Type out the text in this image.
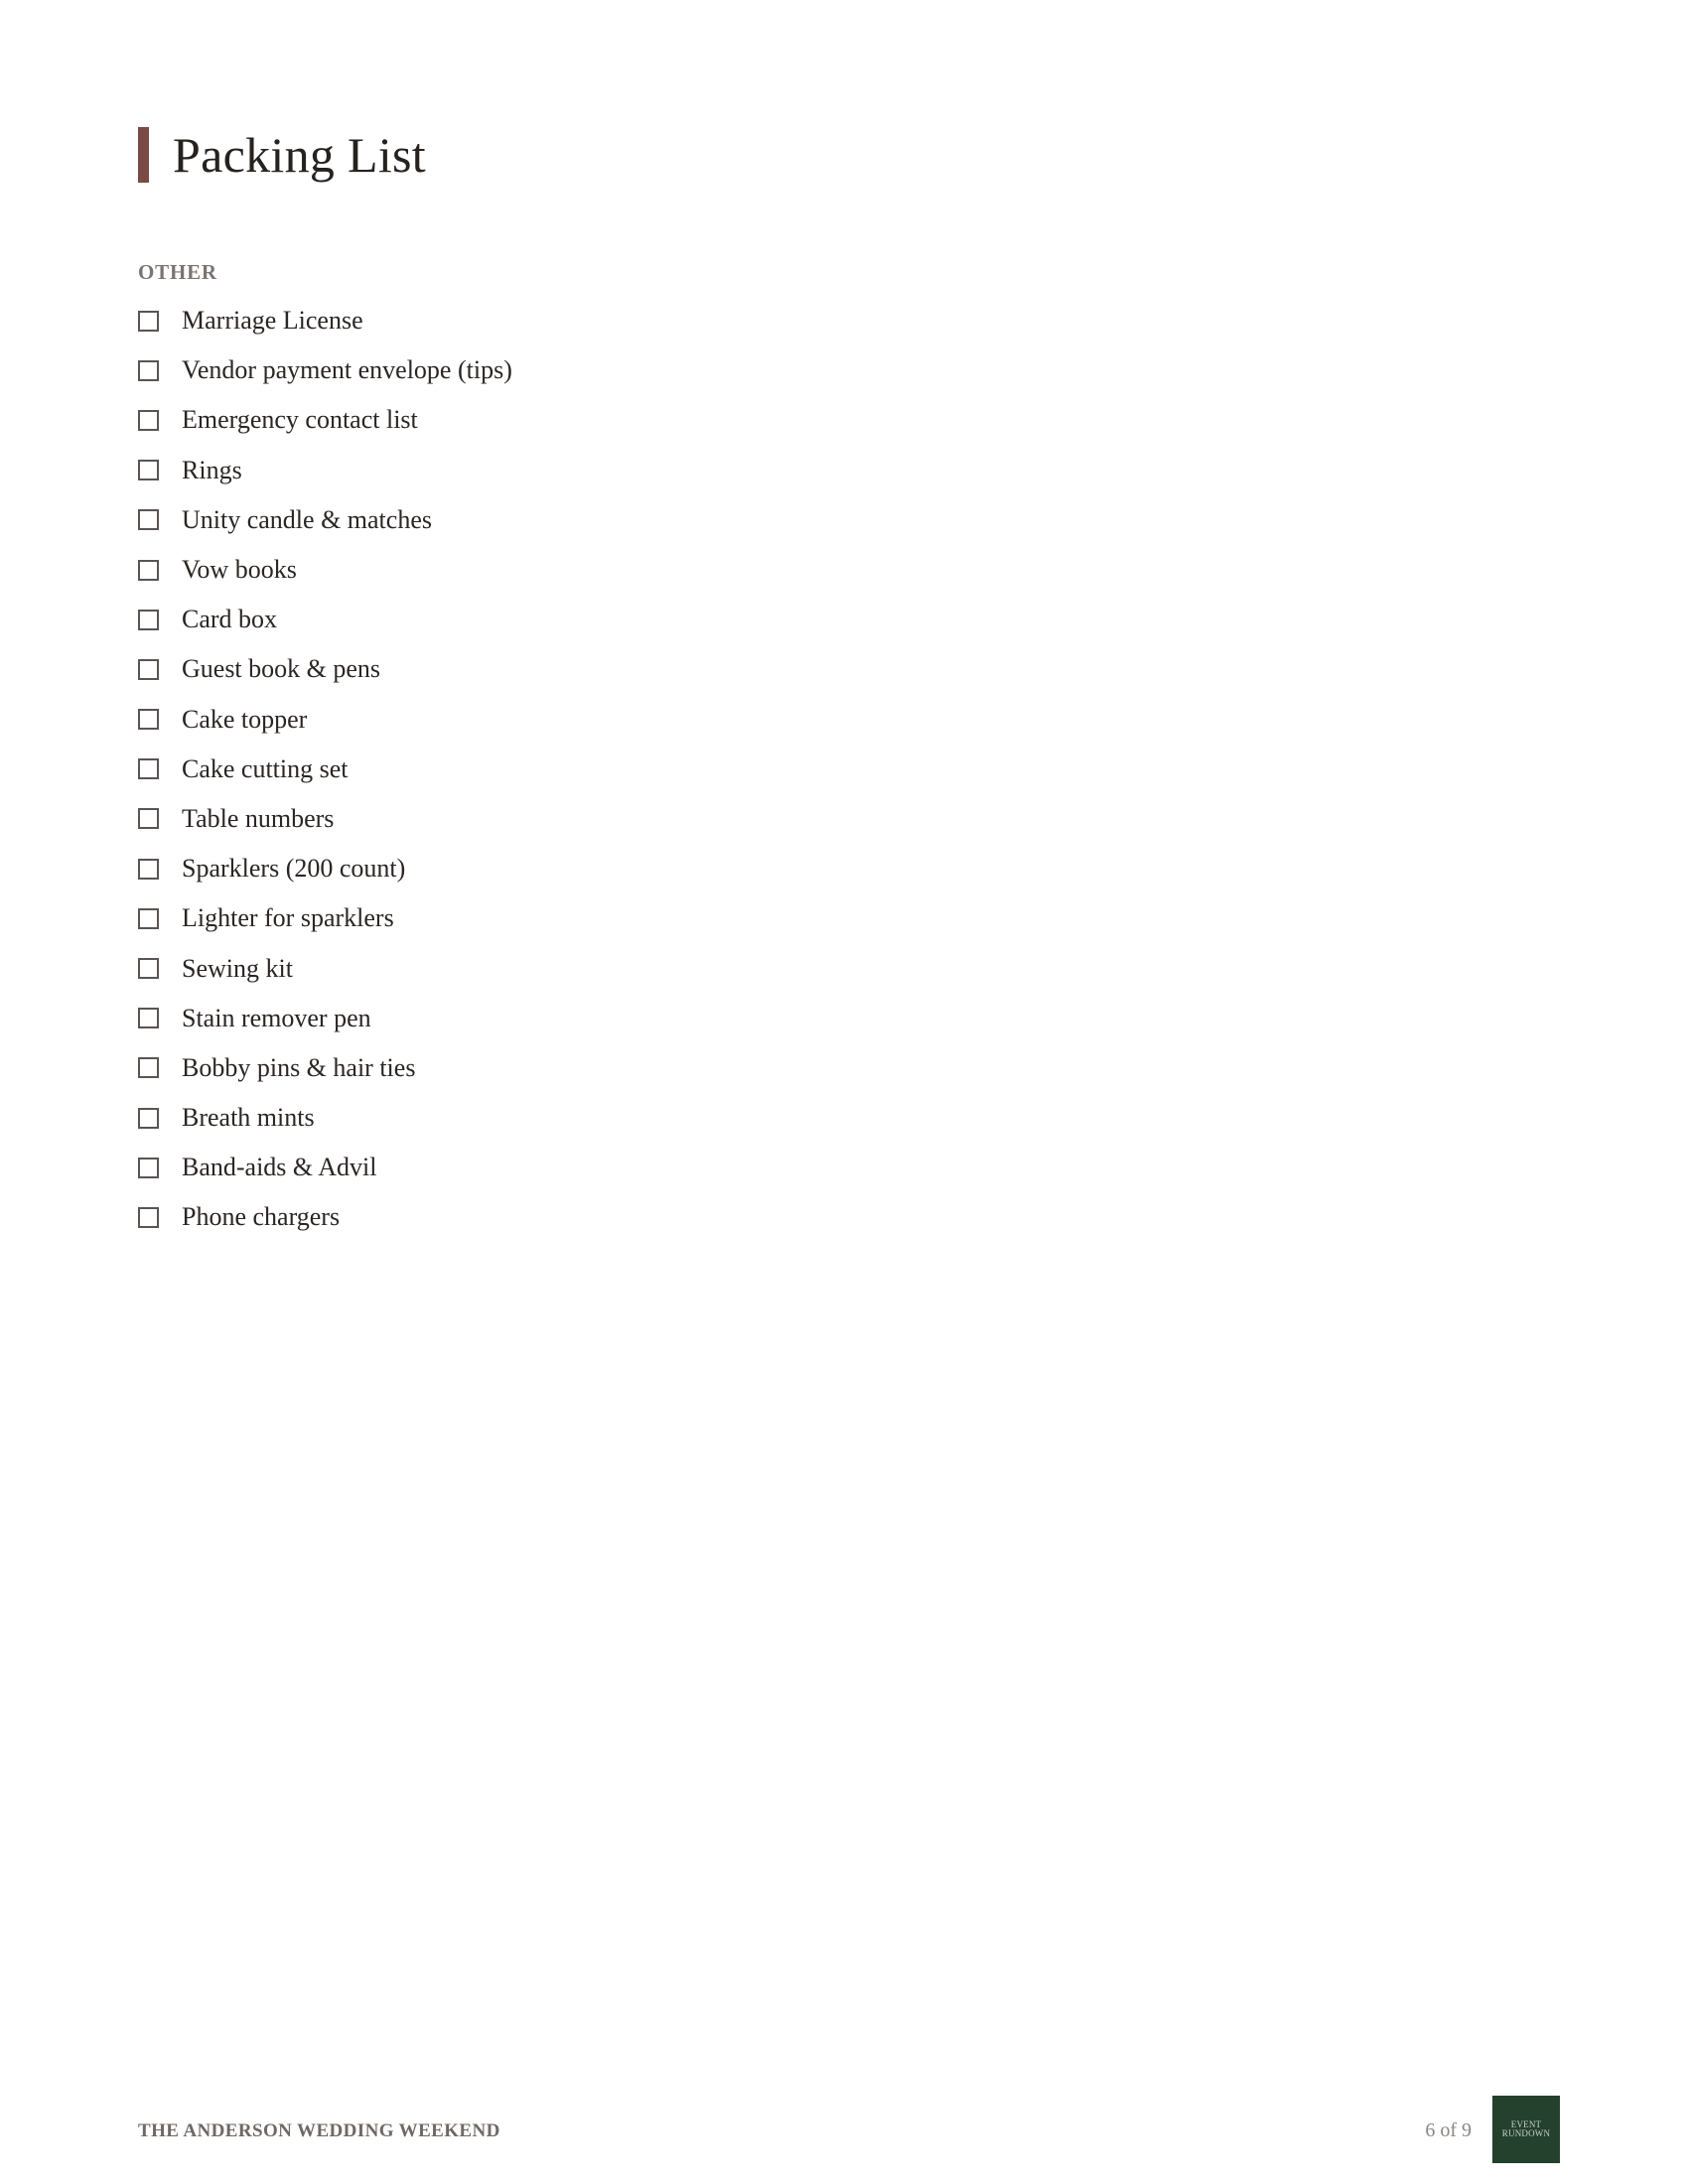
Packing List
OTHER
Marriage License
Vendor payment envelope (tips)
Emergency contact list
Rings
Unity candle & matches
Vow books
Card box
Guest book & pens
Cake topper
Cake cutting set
Table numbers
Sparklers (200 count)
Lighter for sparklers
Sewing kit
Stain remover pen
Bobby pins & hair ties
Breath mints
Band-aids & Advil
Phone chargers
THE ANDERSON WEDDING WEEKEND	6 of 9	EVENT
RUNDOWN
